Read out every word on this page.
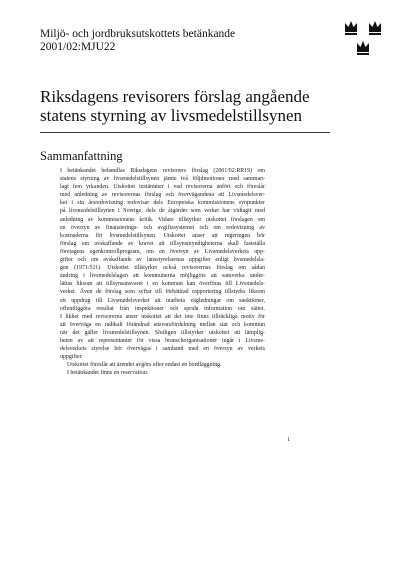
Miljö- och jordbruksutskottets betänkande
2001/02:MJU22
Riksdagens revisorers förslag angående statens styrning av livsmedelstillsynen
Sammanfattning

I betänkandet behandlas Riksdagens revisorers förslag (2001/02:RR19) om
statens styrning av livsmedelstillsynen jämte två följdmotioner med samman-
lagt fem yrkanden. Utskottet instämmer i vad revisorerna anfört och föreslår
med anledning av revisorernas förslag och övervägandena att Livsmedelsver-
ket i sin årsredovisning redovisar dels Europeiska kommissionens synpunkter
på livsmedelstillsynen i Sverige, dels de åtgärder som verket har vidtagit med
anledning av kommissionens kritik. Vidare tillstyrker utskottet förslagen om
en översyn av finansierings- och avgiftssystemet och om redovisning av
kostnaderna för livsmedelstillsynen. Utskottet anser att regeringen bör
förslag om avskaffande av kravet att tillsynsmyndigheterna skall fastställa
företagens egenkontrollprogram, om en översyn av Livsmedelsverkets upp-
gifter och om avskaffande av länsstyrelsernas uppgifter enligt livsmedelsla-
gen (1971:511). Utskottet tillstyrker också revisorernas förslag om sådan
ändring i livsmedelslagen att kommunerna möjliggörs att samverka under-
lättas liksom att tillsynsansvaret i en kommun kan överföras till Livsmedels-
verket. Även de förslag som syftar till förbättrad rapportering tillstyrks liksom
ett uppdrag till Livsmedelsverket att utarbeta vägledningar om sanktioner,
offentliggöra resultat från inspektioner och sprida information om sättet.
I likhet med revisorerna anser utskottet att det inte finns tillräckliga motiv för
att överväga en radikalt förändrad ansvarsfördelning mellan stat och kommun
när det gäller livsmedelstillsynen. Slutligen tillstyrker utskottet att lämplig-
heten av att representanter för vissa branschorganisationer ingår i Livsme-
delsverkets styrelse bör övervägas i samband med en översyn av verkets
uppgifter.

Utskottet föreslår att ärendet avgörs efter endast en bordläggning.

I betänkandet finns en reservation.

1
